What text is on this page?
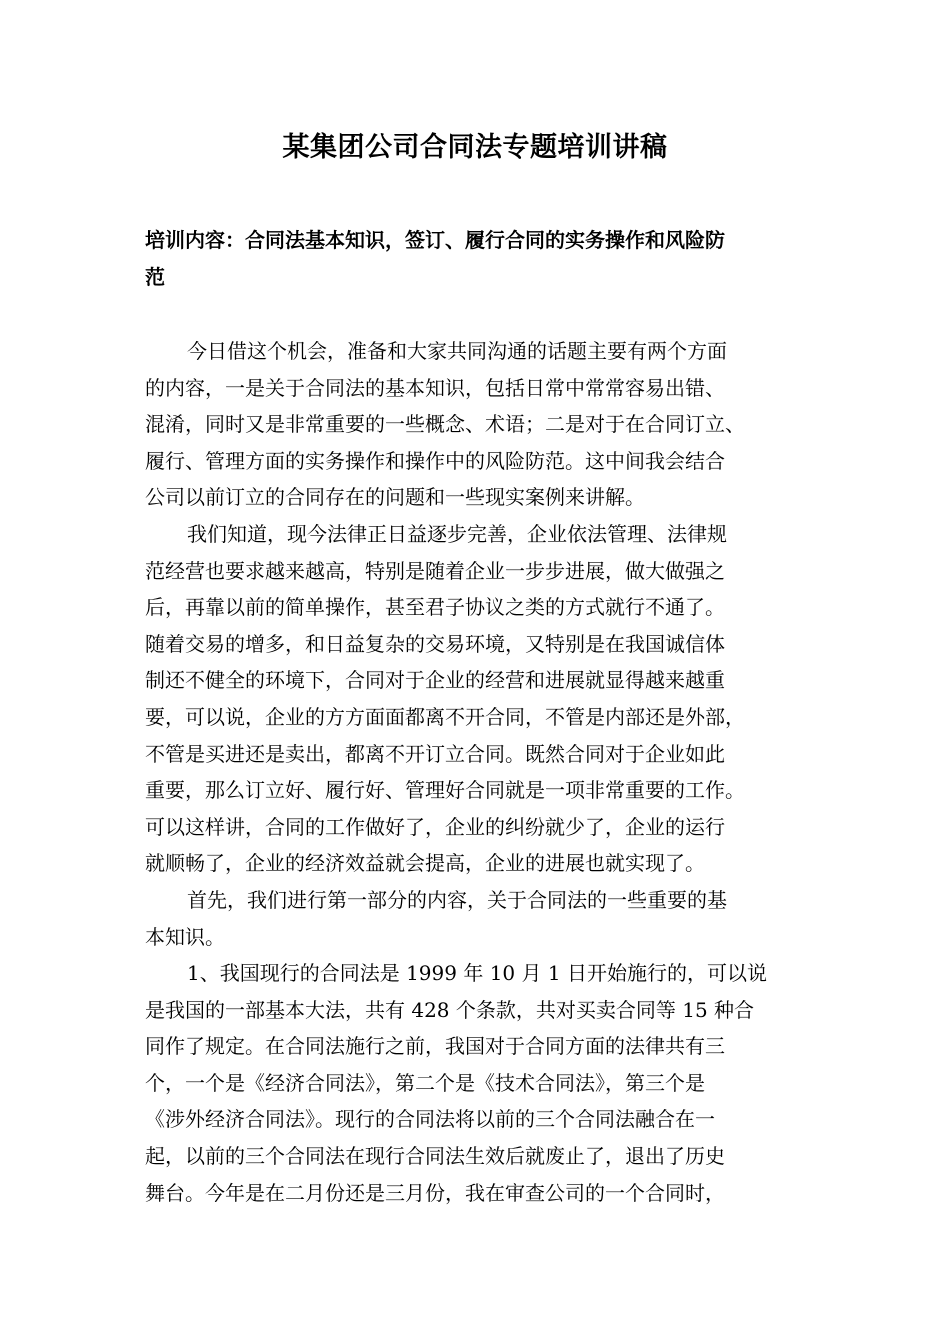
某集团公司合同法专题培训讲稿
培训内容：合同法基本知识，签订、履行合同的实务操作和风险防
范
今日借这个机会，准备和大家共同沟通的话题主要有两个方面
的内容，一是关于合同法的基本知识，包括日常中常常容易出错、
混淆，同时又是非常重要的一些概念、术语；二是对于在合同订立、
履行、管理方面的实务操作和操作中的风险防范。这中间我会结合
公司以前订立的合同存在的问题和一些现实案例来讲解。
我们知道，现今法律正日益逐步完善，企业依法管理、法律规
范经营也要求越来越高，特别是随着企业一步步进展，做大做强之
后，再靠以前的简单操作，甚至君子协议之类的方式就行不通了。
随着交易的增多，和日益复杂的交易环境，又特别是在我国诚信体
制还不健全的环境下，合同对于企业的经营和进展就显得越来越重
要，可以说，企业的方方面面都离不开合同，不管是内部还是外部，
不管是买进还是卖出，都离不开订立合同。既然合同对于企业如此
重要，那么订立好、履行好、管理好合同就是一项非常重要的工作。
可以这样讲，合同的工作做好了，企业的纠纷就少了，企业的运行
就顺畅了，企业的经济效益就会提高，企业的进展也就实现了。
首先，我们进行第一部分的内容，关于合同法的一些重要的基
本知识。
1、我国现行的合同法是 1999 年 10 月 1 日开始施行的，可以说
是我国的一部基本大法，共有 428 个条款，共对买卖合同等 15 种合
同作了规定。在合同法施行之前，我国对于合同方面的法律共有三
个，一个是《经济合同法》，第二个是《技术合同法》，第三个是
《涉外经济合同法》。现行的合同法将以前的三个合同法融合在一
起，以前的三个合同法在现行合同法生效后就废止了，退出了历史
舞台。今年是在二月份还是三月份，我在审查公司的一个合同时，
